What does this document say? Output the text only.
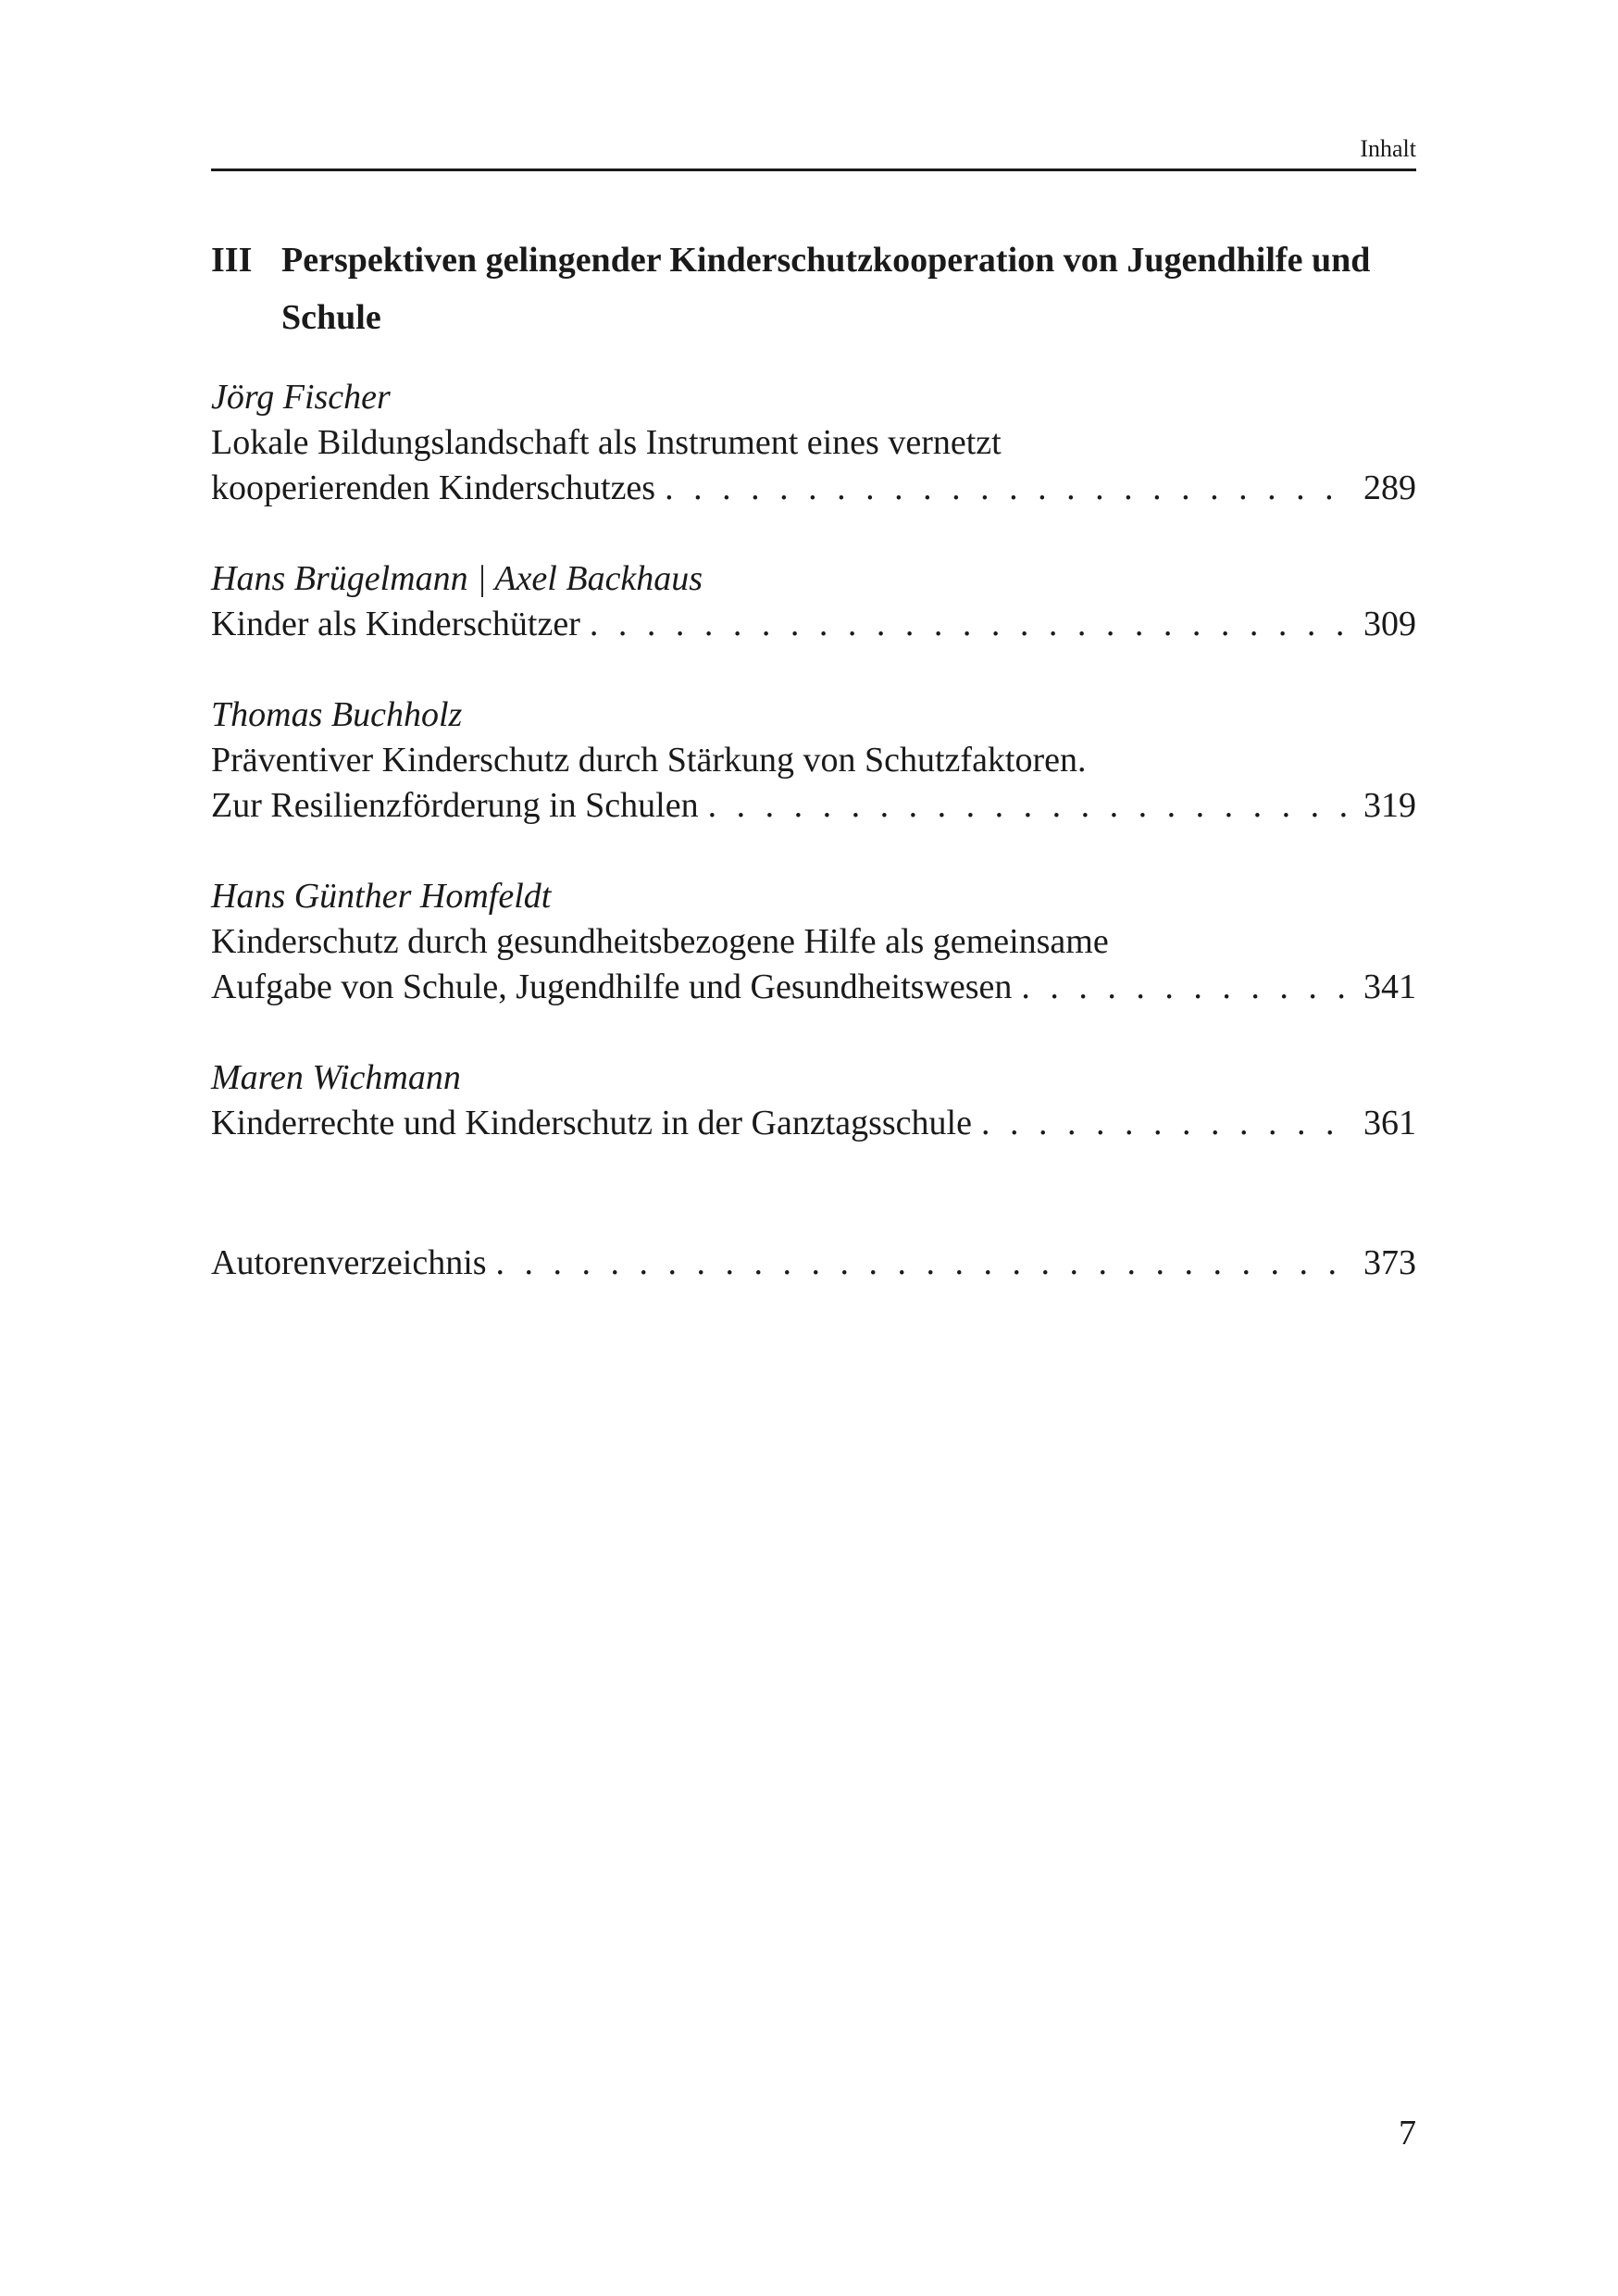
Inhalt
III Perspektiven gelingender Kinderschutzkooperation von Jugendhilfe und Schule
Jörg Fischer
Lokale Bildungslandschaft als Instrument eines vernetzt
kooperierenden Kinderschutzes . . .	289
Hans Brügelmann | Axel Backhaus
Kinder als Kinderschützer . . .	309
Thomas Buchholz
Präventiver Kinderschutz durch Stärkung von Schutzfaktoren.
Zur Resilienzförderung in Schulen . . .	319
Hans Günther Homfeldt
Kinderschutz durch gesundheitsbezogene Hilfe als gemeinsame
Aufgabe von Schule, Jugendhilfe und Gesundheitswesen . . .	341
Maren Wichmann
Kinderrechte und Kinderschutz in der Ganztagsschule . . .	361
Autorenverzeichnis . . .	373
7
